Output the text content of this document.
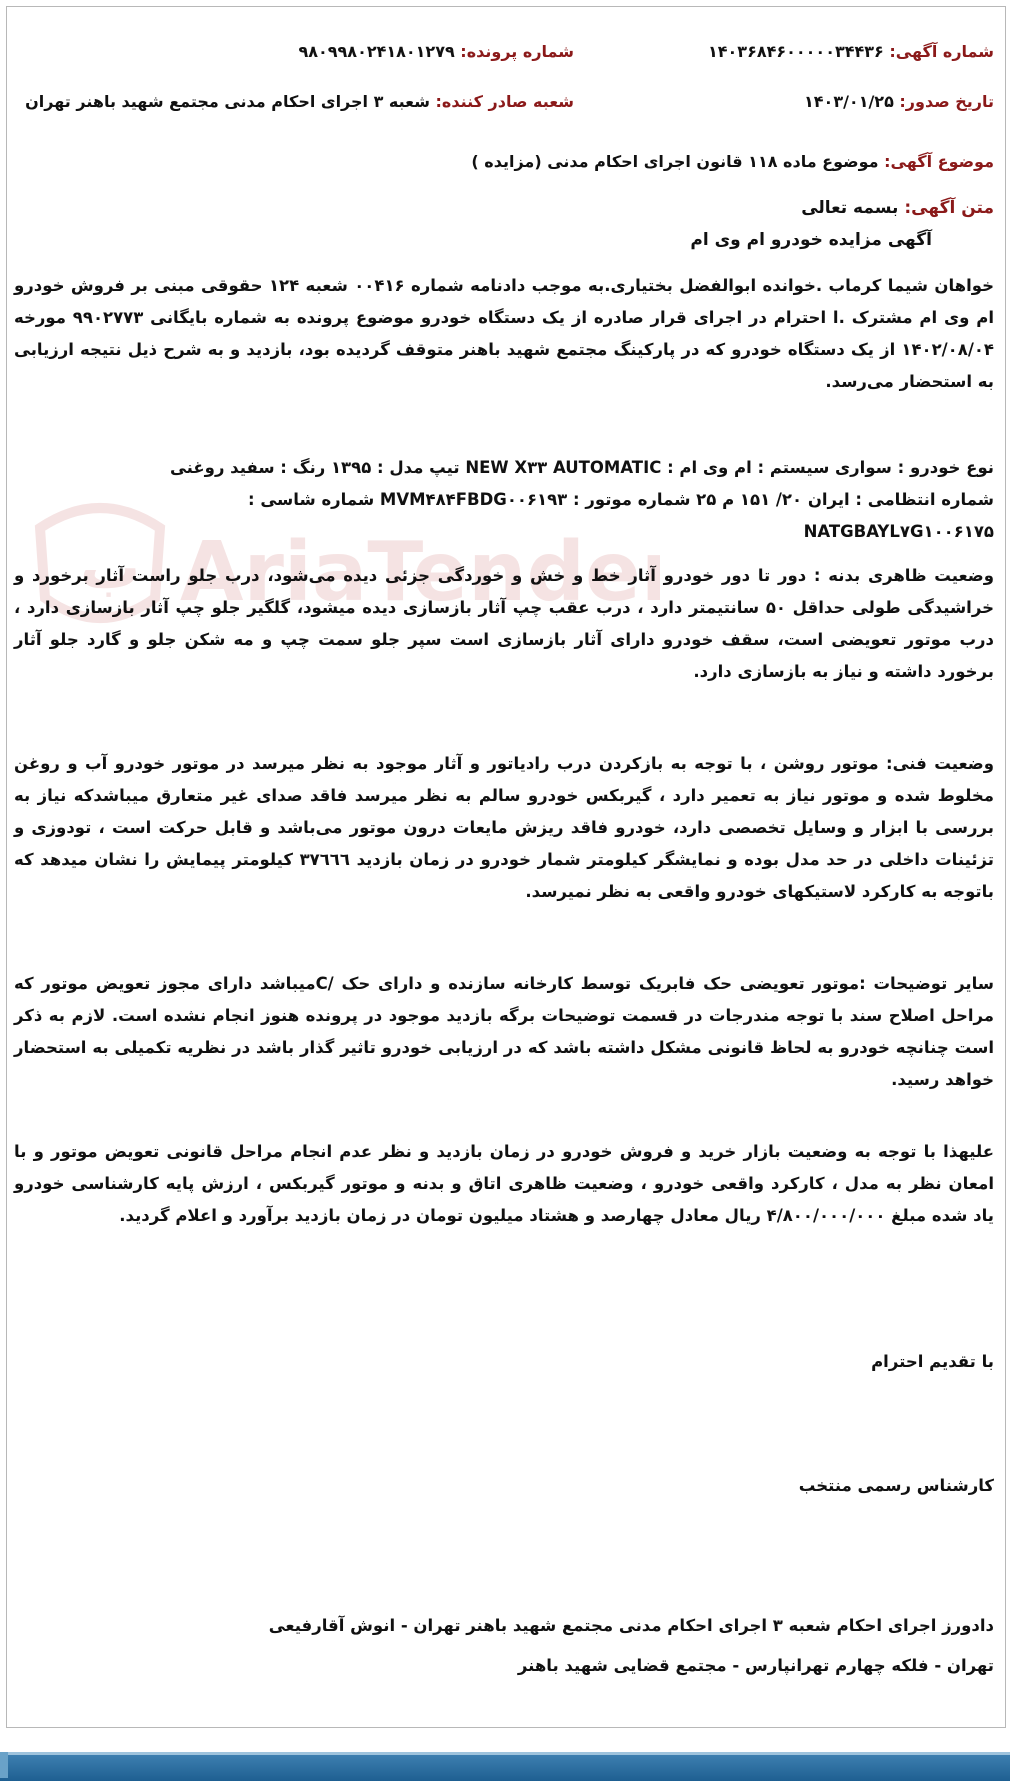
شماره آگهی: ۱۴۰۳۶۸۴۶۰۰۰۰۰۳۴۴۳۶
شماره پرونده: ۹۸۰۹۹۸۰۲۴۱۸۰۱۲۷۹
تاریخ صدور: ۱۴۰۳/۰۱/۲۵
شعبه صادر کننده: شعبه ۳ اجرای احکام مدنی مجتمع شهید باهنر تهران
موضوع آگهی: موضوع ماده ۱۱۸ قانون اجرای احکام مدنی (مزایده )
متن آگهی: بسمه تعالی
آگهی مزایده خودرو ام وی ام
خواهان شیما کرماب .خوانده ابوالفضل بختیاری.به موجب دادنامه شماره ۰۰۴۱۶ شعبه ۱۲۴ حقوقی مبنی بر فروش خودرو ام وی ام مشترک .ا احترام در اجرای قرار صادره از یک دستگاه خودرو موضوع پرونده به شماره بایگانی ۹۹۰۲۷۷۳ مورخه ۱۴۰۲/۰۸/۰۴ از یک دستگاه خودرو که در پارکینگ مجتمع شهید باهنر متوقف گردیده بود، بازدید و به شرح ذیل نتیجه ارزیابی به استحضار می‌رسد.
نوع خودرو : سواری سیستم : ام وی ام : NEW X۳۳ AUTOMATIC تیپ مدل : ۱۳۹۵ رنگ : سفید روغنی
شماره انتظامی : ایران ۲۰/ ۱۵۱ م ۲۵ شماره موتور : MVM۴۸۴FBDG۰۰۶۱۹۳ شماره شاسی :
NATGBAYL۷G۱۰۰۶۱۷۵
وضعیت ظاهری بدنه : دور تا دور خودرو آثار خط و خش و خوردگی جزئی دیده می‌شود، درب جلو راست آثار برخورد و خراشیدگی طولی حداقل ۵۰ سانتیمتر دارد ، درب عقب چپ آثار بازسازی دیده میشود، گلگیر جلو چپ آثار بازسازی دارد ، درب موتور تعویضی است، سقف خودرو دارای آثار بازسازی است سپر جلو سمت چپ و مه شکن جلو و گارد جلو آثار برخورد داشته و نیاز به بازسازی دارد.
وضعیت فنی: موتور روشن ، با توجه به بازکردن درب رادیاتور و آثار موجود به نظر میرسد در موتور خودرو آب و روغن مخلوط شده و موتور نیاز به تعمیر دارد ، گیربکس خودرو سالم به نظر میرسد فاقد صدای غیر متعارق میباشدکه نیاز به بررسی با ابزار و وسایل تخصصی دارد، خودرو فاقد ریزش مایعات درون موتور می‌باشد و قابل حرکت است ، تودوزی و تزئینات داخلی در حد مدل بوده و نمایشگر کیلومتر شمار خودرو در زمان بازدید ۳۷٦٦٦ کیلومتر پیمایش را نشان میدهد که باتوجه به کارکرد لاستیکهای خودرو واقعی به نظر نمیرسد.
سایر توضیحات :موتور تعویضی حک فابریک توسط کارخانه سازنده و دارای حک /Cمیباشد دارای مجوز تعویض موتور که مراحل اصلاح سند با توجه مندرجات در قسمت توضیحات برگه بازدید موجود در پرونده هنوز انجام نشده است. لازم به ذکر است چنانچه خودرو به لحاظ قانونی مشکل داشته باشد که در ارزیابی خودرو تاثیر گذار باشد در نظریه تکمیلی به استحضار خواهد رسید.
علیهذا با توجه به وضعیت بازار خرید و فروش خودرو در زمان بازدید و نظر عدم انجام مراحل قانونی تعویض موتور و با امعان نظر به مدل ، کارکرد واقعی خودرو ، وضعیت ظاهری اتاق و بدنه و موتور گیربکس ، ارزش پایه کارشناسی خودرو یاد شده مبلغ ۴/۸۰۰/۰۰۰/۰۰۰ ریال معادل چهارصد و هشتاد میلیون تومان در زمان بازدید برآورد و اعلام گردید.
با تقدیم احترام
کارشناس رسمی منتخب
دادورز اجرای احکام شعبه ۳ اجرای احکام مدنی مجتمع شهید باهنر تهران - انوش آقارفیعی
تهران - فلکه چهارم تهرانپارس - مجتمع قضایی شهید باهنر
